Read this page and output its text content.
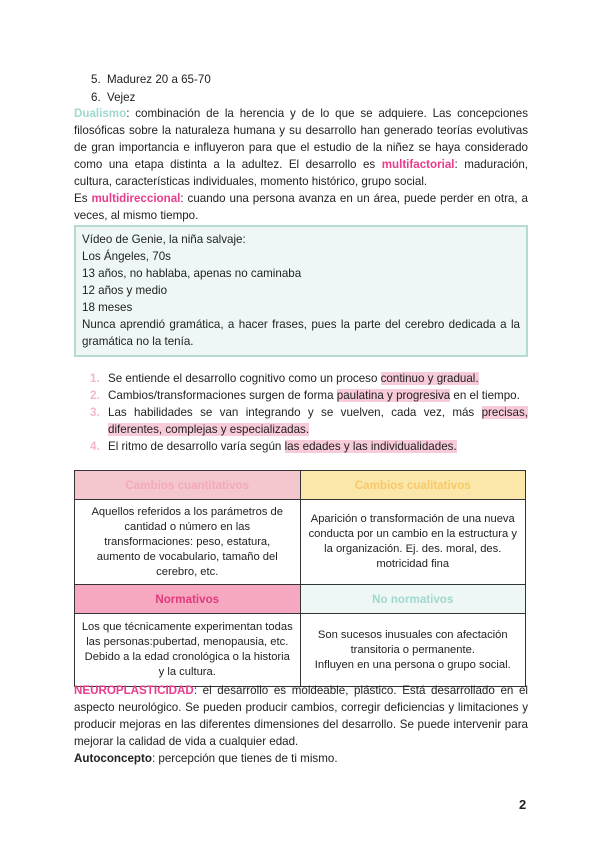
5. Madurez 20 a 65-70
6. Vejez
Dualismo: combinación de la herencia y de lo que se adquiere. Las concepciones filosóficas sobre la naturaleza humana y su desarrollo han generado teorías evolutivas de gran importancia e influyeron para que el estudio de la niñez se haya considerado como una etapa distinta a la adultez. El desarrollo es multifactorial: maduración, cultura, características individuales, momento histórico, grupo social.
Es multidireccional: cuando una persona avanza en un área, puede perder en otra, a veces, al mismo tiempo.
Vídeo de Genie, la niña salvaje:
Los Ángeles, 70s
13 años, no hablaba, apenas no caminaba
12 años y medio
18 meses
Nunca aprendió gramática, a hacer frases, pues la parte del cerebro dedicada a la gramática no la tenía.
1. Se entiende el desarrollo cognitivo como un proceso continuo y gradual.
2. Cambios/transformaciones surgen de forma paulatina y progresiva en el tiempo.
3. Las habilidades se van integrando y se vuelven, cada vez, más precisas, diferentes, complejas y especializadas.
4. El ritmo de desarrollo varía según las edades y las individualidades.
Cambios cuantitativos	Cambios cualitativos
Aquellos referidos a los parámetros de cantidad o número en las transformaciones: peso, estatura, aumento de vocabulario, tamaño del cerebro, etc.	Aparición o transformación de una nueva conducta por un cambio en la estructura y la organización. Ej. des. moral, des. motricidad fina
Normativos	No normativos
Los que técnicamente experimentan todas las personas:pubertad, menopausia, etc. Debido a la edad cronológica o la historia y la cultura.	Son sucesos inusuales con afectación transitoria o permanente.
Influyen en una persona o grupo social.
NEUROPLASTICIDAD: el desarrollo es moldeable, plástico. Está desarrollado en el aspecto neurológico. Se pueden producir cambios, corregir deficiencias y limitaciones y producir mejoras en las diferentes dimensiones del desarrollo. Se puede intervenir para mejorar la calidad de vida a cualquier edad.
Autoconcepto: percepción que tienes de ti mismo.
2
